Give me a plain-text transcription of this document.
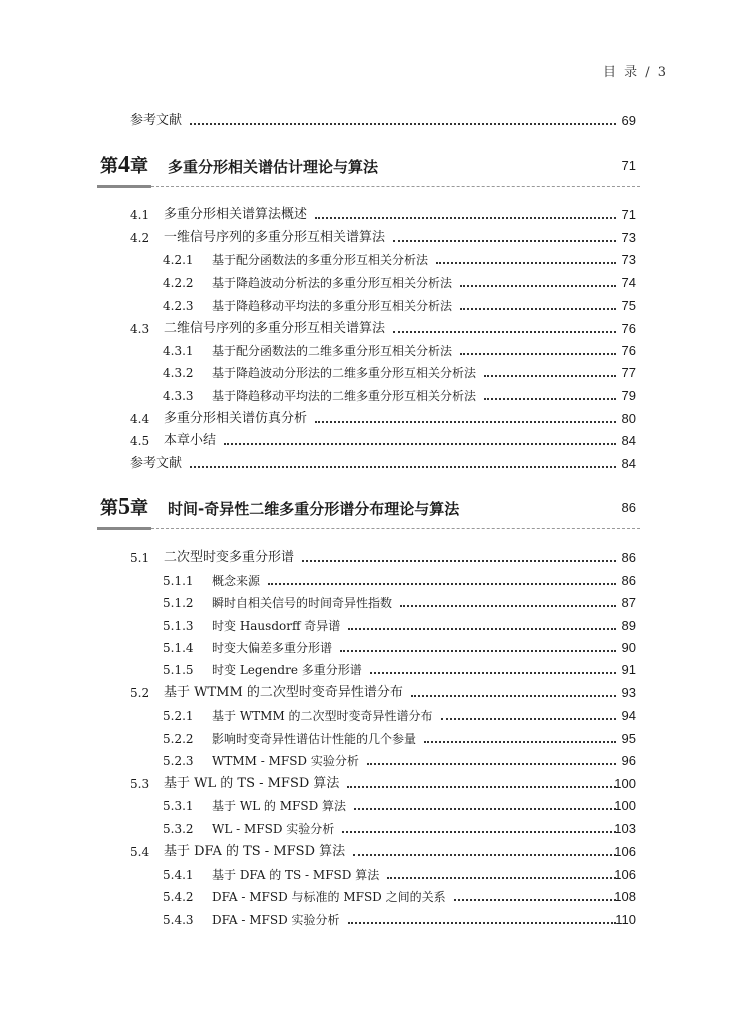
目 录 / 3
参考文献	69
第4章 多重分形相关谱估计理论与算法	71
4.1 多重分形相关谱算法概述	71
4.2 一维信号序列的多重分形互相关谱算法	73
4.2.1 基于配分函数法的多重分形互相关分析法	73
4.2.2 基于降趋波动分析法的多重分形互相关分析法	74
4.2.3 基于降趋移动平均法的多重分形互相关分析法	75
4.3 二维信号序列的多重分形互相关谱算法	76
4.3.1 基于配分函数法的二维多重分形互相关分析法	76
4.3.2 基于降趋波动分形法的二维多重分形互相关分析法	77
4.3.3 基于降趋移动平均法的二维多重分形互相关分析法	79
4.4 多重分形相关谱仿真分析	80
4.5 本章小结	84
参考文献	84
第5章 时间-奇异性二维多重分形谱分布理论与算法	86
5.1 二次型时变多重分形谱	86
5.1.1 概念来源	86
5.1.2 瞬时自相关信号的时间奇异性指数	87
5.1.3 时变 Hausdorff 奇异谱	89
5.1.4 时变大偏差多重分形谱	90
5.1.5 时变 Legendre 多重分形谱	91
5.2 基于 WTMM 的二次型时变奇异性谱分布	93
5.2.1 基于 WTMM 的二次型时变奇异性谱分布	94
5.2.2 影响时变奇异性谱估计性能的几个参量	95
5.2.3 WTMM - MFSD 实验分析	96
5.3 基于 WL 的 TS - MFSD 算法	100
5.3.1 基于 WL 的 MFSD 算法	100
5.3.2 WL - MFSD 实验分析	103
5.4 基于 DFA 的 TS - MFSD 算法	106
5.4.1 基于 DFA 的 TS - MFSD 算法	106
5.4.2 DFA - MFSD 与标准的 MFSD 之间的关系	108
5.4.3 DFA - MFSD 实验分析	110
